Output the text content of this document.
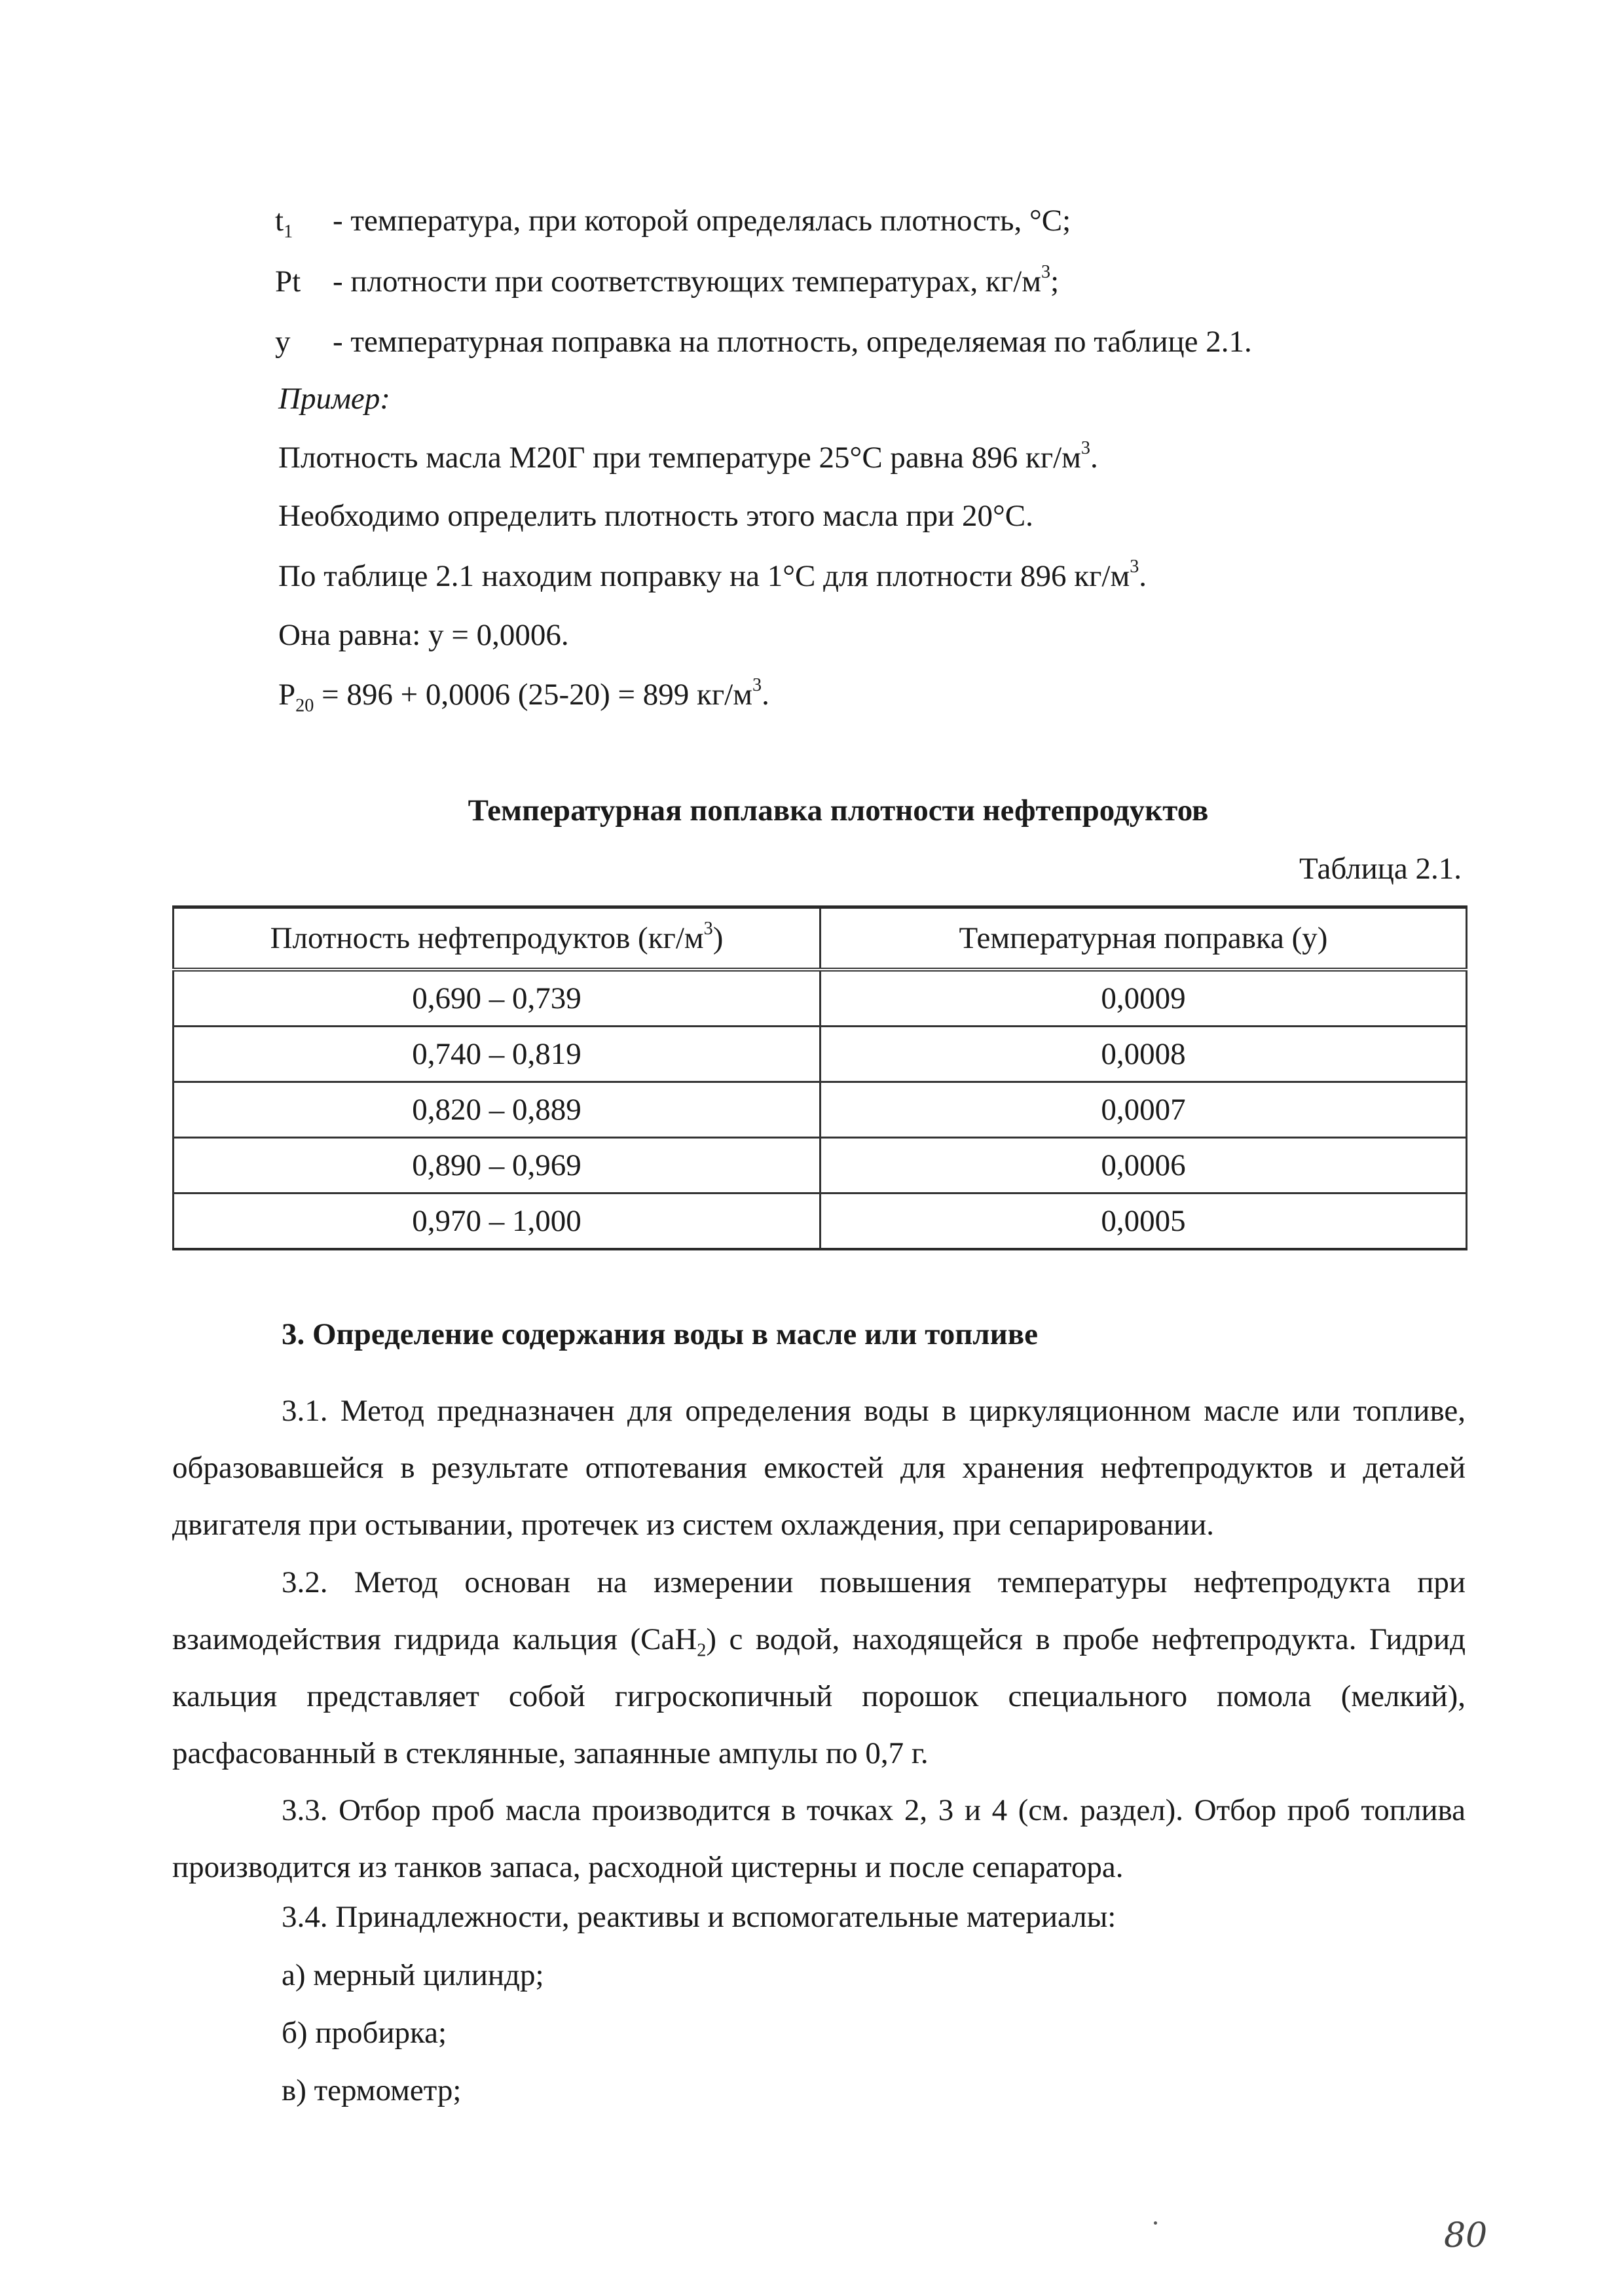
$t_1$	- температура, при которой определялась плотность, °С;
Pt	- плотности при соответствующих температурах, $кг/м^3$;
у	- температурная поправка на плотность, определяемая по таблице 2.1.
Пример:
Плотность масла М20Г при температуре 25°С равна 896 $кг/м^3$.
Необходимо определить плотность этого масла при 20°С.
По таблице 2.1 находим поправку на 1°С для плотности 896 $кг/м^3$.
Она равна: у = 0,0006.
$Р_{20} = 896 + 0,0006$ (25-20) = 899 $кг/м^3$.
Температурная поплавка плотности нефтепродуктов
Таблица 2.1.
Плотность нефтепродуктов $(кг/м^3)$	Температурная поправка (у)
0,690 – 0,739	0,0009
0,740 – 0,819	0,0008
0,820 – 0,889	0,0007
0,890 – 0,969	0,0006
0,970 – 1,000	0,0005
3. Определение содержания воды в масле или топливе
3.1. Метод предназначен для определения воды в циркуляционном масле или топливе, образовавшейся в результате отпотевания емкостей для хранения нефтепродуктов и деталей двигателя при остывании, протечек из систем охлаждения, при сепарировании.
3.2. Метод основан на измерении повышения температуры нефтепродукта при взаимодействия гидрида кальция (СаН$_2$) с водой, находящейся в пробе нефтепродукта. Гидрид кальция представляет собой гигроскопичный порошок специального помола (мелкий), расфасованный в стеклянные, запаянные ампулы по 0,7 г.
3.3. Отбор проб масла производится в точках 2, 3 и 4 (см. раздел). Отбор проб топлива производится из танков запаса, расходной цистерны и после сепаратора.
3.4. Принадлежности, реактивы и вспомогательные материалы:
а) мерный цилиндр;
б) пробирка;
в) термометр;
80
